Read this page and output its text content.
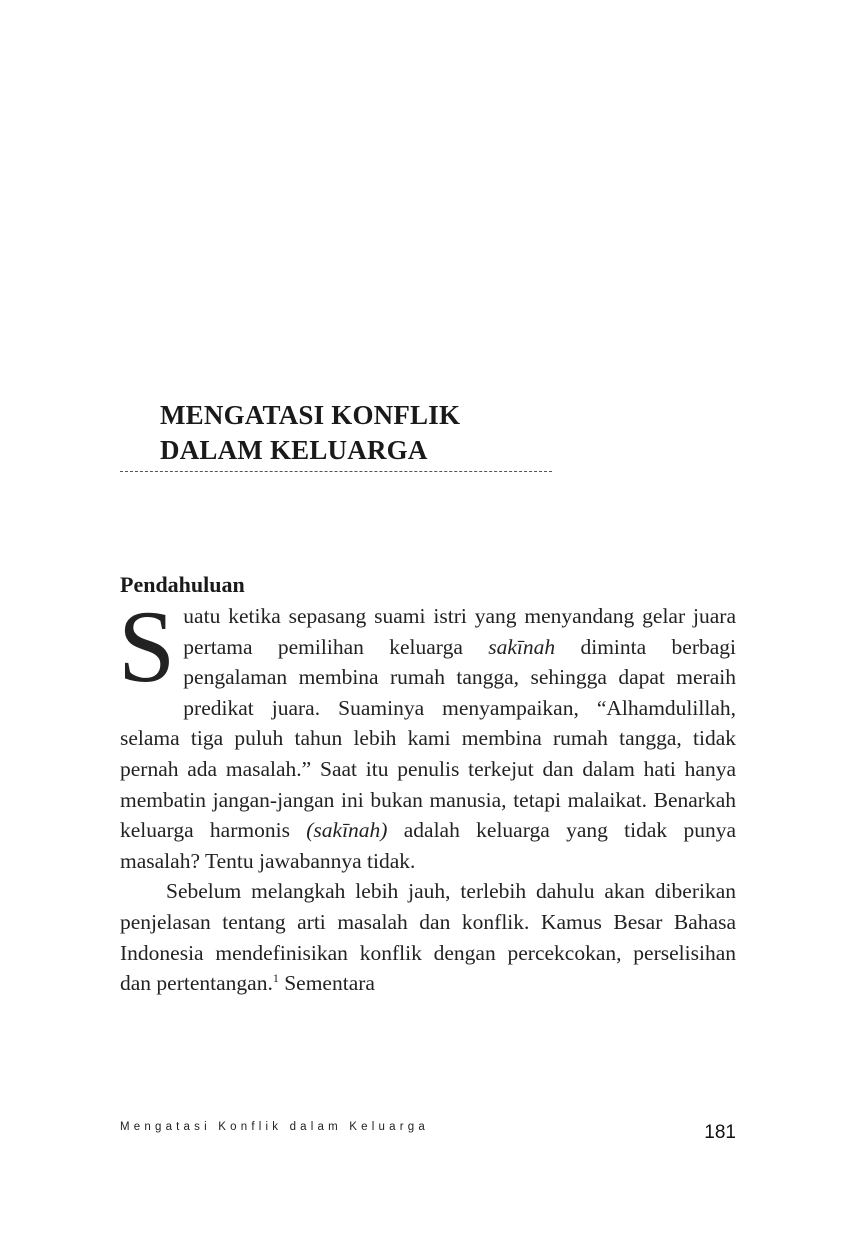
MENGATASI KONFLIK
DALAM KELUARGA
Pendahuluan

Suatu ketika sepasang suami istri yang menyandang gelar juara pertama pemilihan keluarga sakīnah diminta berbagi pengalaman membina rumah tangga, sehingga dapat meraih predikat juara. Suaminya menyampaikan, “Alhamdulillah, selama tiga puluh tahun lebih kami membina rumah tangga, tidak pernah ada masalah.” Saat itu penulis terkejut dan dalam hati hanya membatin jangan-jangan ini bukan manusia, tetapi malaikat. Benarkah keluarga harmonis (sakīnah) adalah keluarga yang tidak punya masalah? Tentu jawabannya tidak.

Sebelum melangkah lebih jauh, terlebih dahulu akan diberikan penjelasan tentang arti masalah dan konflik. Kamus Besar Bahasa Indonesia mendefinisikan konflik dengan percekcokan, perselisihan dan pertentangan.$^1$ Sementara

Mengatasi Konflik dalam Keluarga	181
